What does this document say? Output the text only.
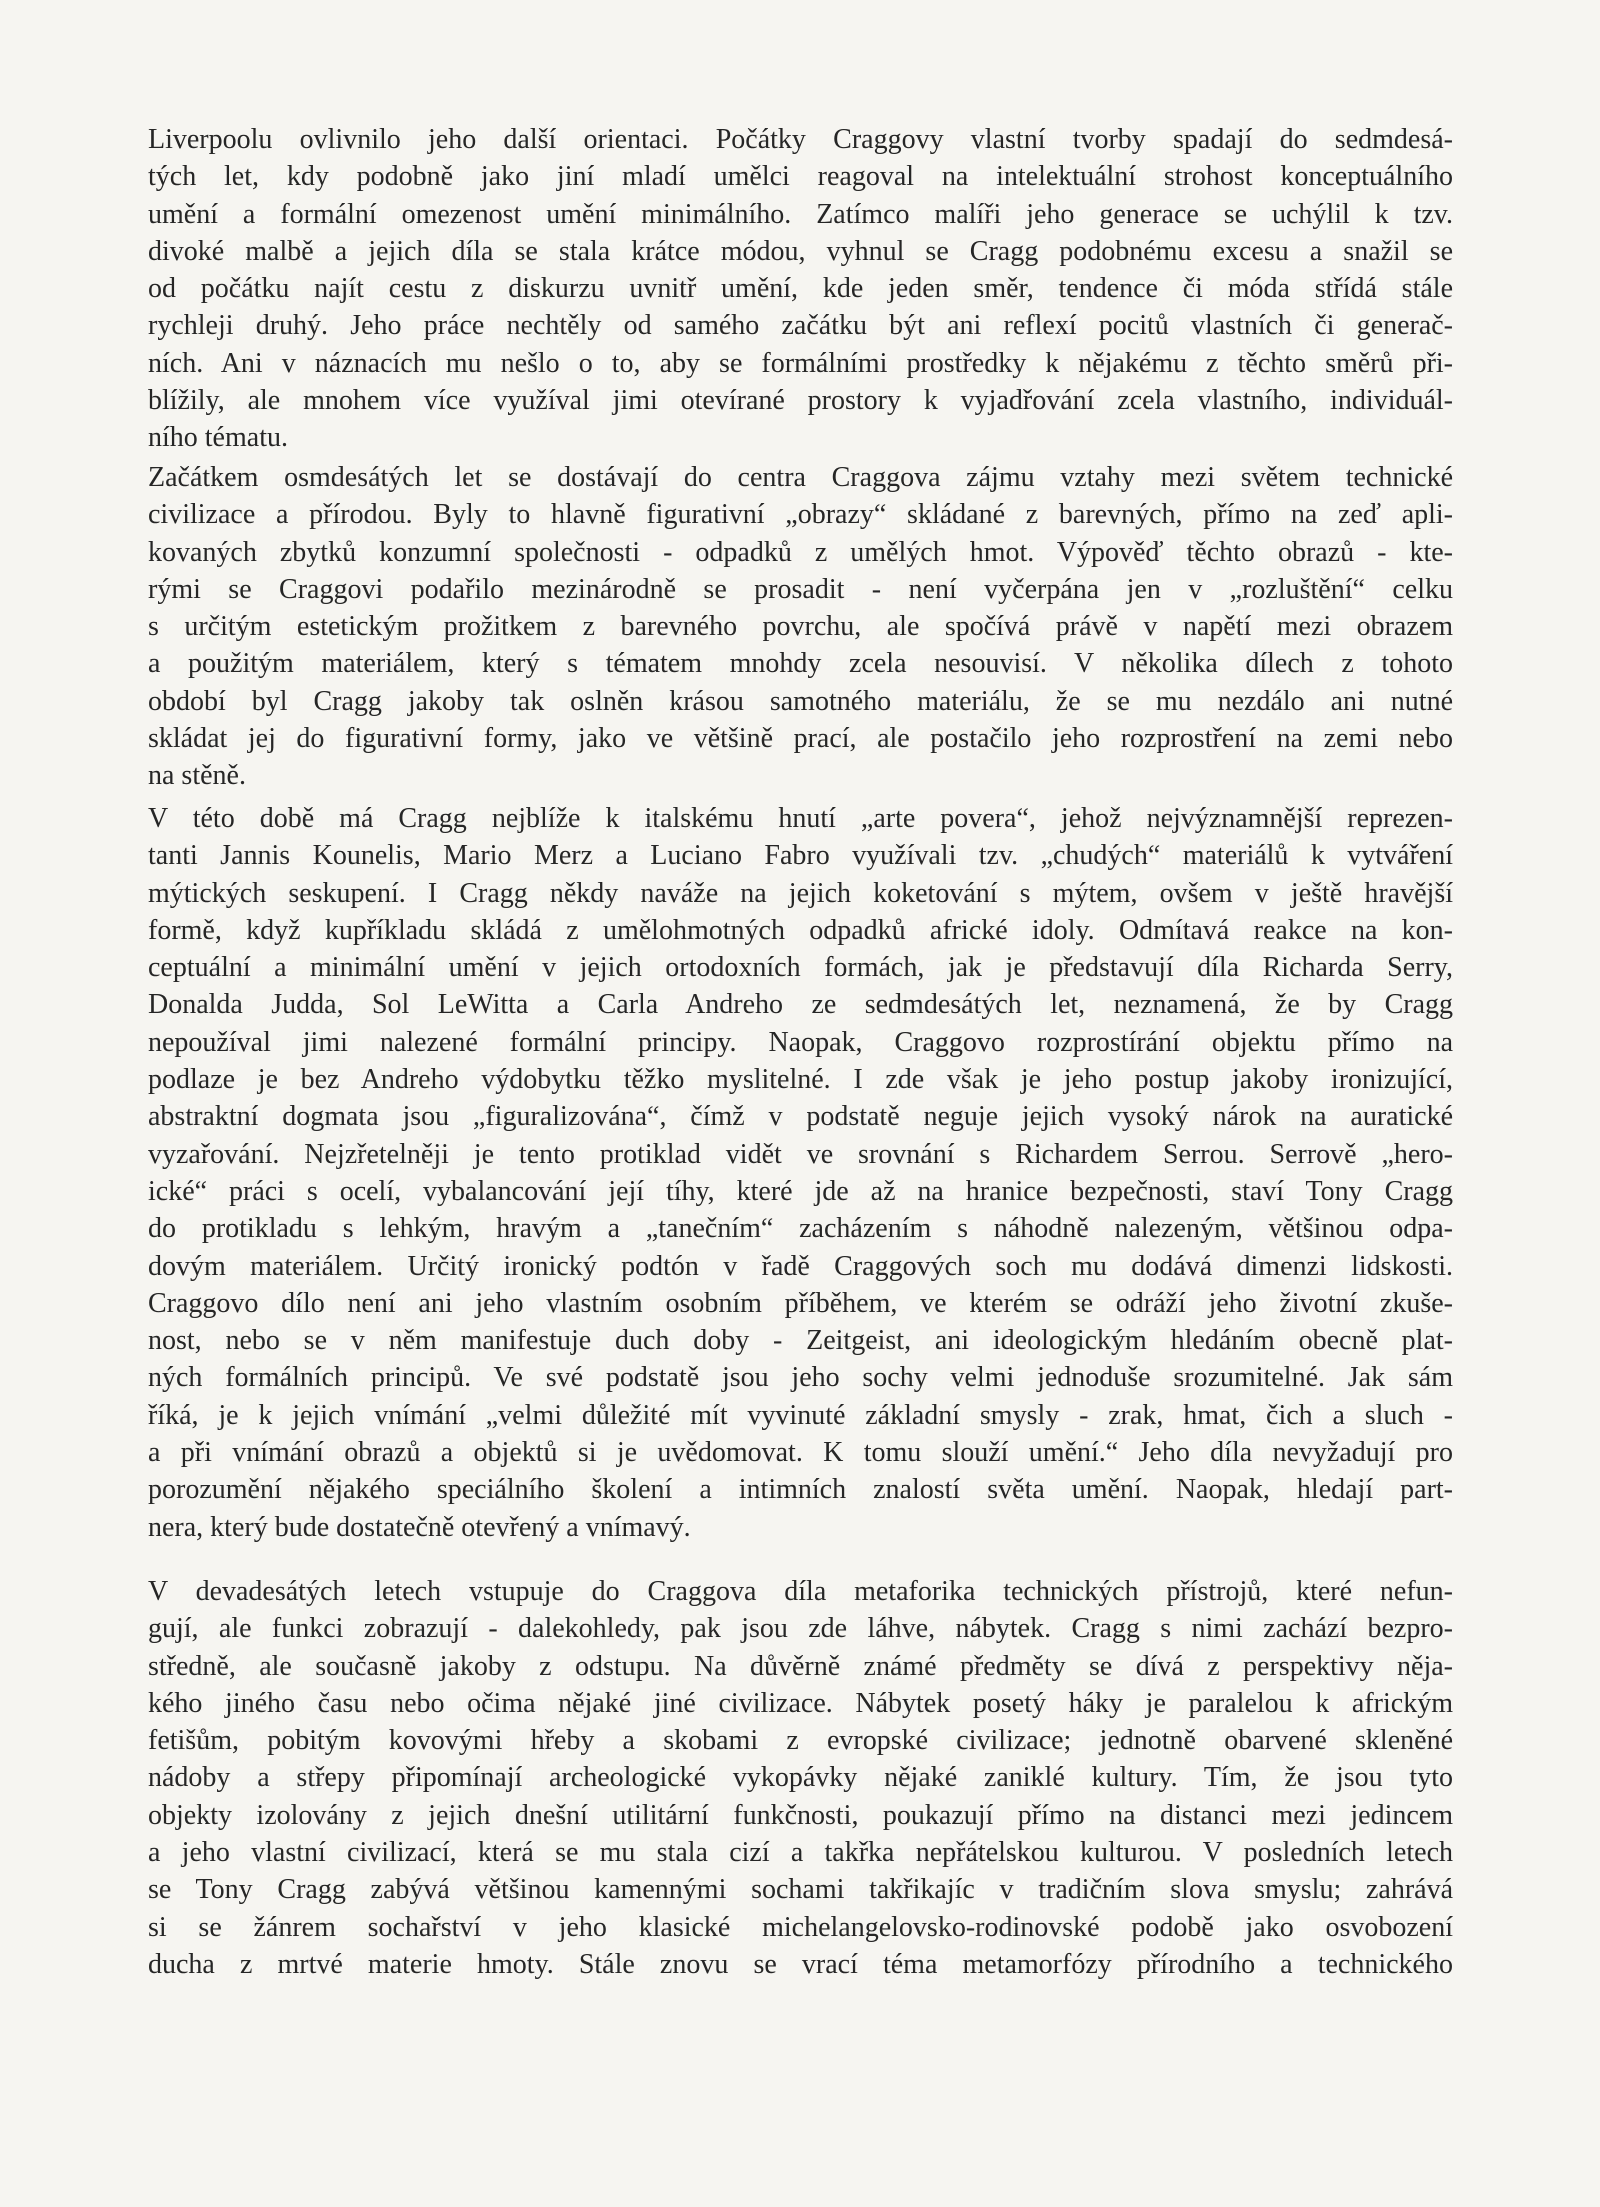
Liverpoolu ovlivnilo jeho další orientaci. Počátky Craggovy vlastní tvorby spadají do sedmdesá-
tých let, kdy podobně jako jiní mladí umělci reagoval na intelektuální strohost konceptuálního
umění a formální omezenost umění minimálního. Zatímco malíři jeho generace se uchýlil k tzv.
divoké malbě a jejich díla se stala krátce módou, vyhnul se Cragg podobnému excesu a snažil se
od počátku najít cestu z diskurzu uvnitř umění, kde jeden směr, tendence či móda střídá stále
rychleji druhý. Jeho práce nechtěly od samého začátku být ani reflexí pocitů vlastních či generač-
ních. Ani v náznacích mu nešlo o to, aby se formálními prostředky k nějakému z těchto směrů při-
blížily, ale mnohem více využíval jimi otevírané prostory k vyjadřování zcela vlastního, individuál-
ního tématu.
Začátkem osmdesátých let se dostávají do centra Craggova zájmu vztahy mezi světem technické
civilizace a přírodou. Byly to hlavně figurativní „obrazy“ skládané z barevných, přímo na zeď apli-
kovaných zbytků konzumní společnosti - odpadků z umělých hmot. Výpověď těchto obrazů - kte-
rými se Craggovi podařilo mezinárodně se prosadit - není vyčerpána jen v „rozluštění“ celku
s určitým estetickým prožitkem z barevného povrchu, ale spočívá právě v napětí mezi obrazem
a použitým materiálem, který s tématem mnohdy zcela nesouvisí. V několika dílech z tohoto
období byl Cragg jakoby tak oslněn krásou samotného materiálu, že se mu nezdálo ani nutné
skládat jej do figurativní formy, jako ve většině prací, ale postačilo jeho rozprostření na zemi nebo
na stěně.
V této době má Cragg nejblíže k italskému hnutí „arte povera“, jehož nejvýznamnější reprezen-
tanti Jannis Kounelis, Mario Merz a Luciano Fabro využívali tzv. „chudých“ materiálů k vytváření
mýtických seskupení. I Cragg někdy naváže na jejich koketování s mýtem, ovšem v ještě hravější
formě, když kupříkladu skládá z umělohmotných odpadků africké idoly. Odmítavá reakce na kon-
ceptuální a minimální umění v jejich ortodoxních formách, jak je představují díla Richarda Serry,
Donalda Judda, Sol LeWitta a Carla Andreho ze sedmdesátých let, neznamená, že by Cragg
nepoužíval jimi nalezené formální principy. Naopak, Craggovo rozprostírání objektu přímo na
podlaze je bez Andreho výdobytku těžko myslitelné. I zde však je jeho postup jakoby ironizující,
abstraktní dogmata jsou „figuralizována“, čímž v podstatě neguje jejich vysoký nárok na auratické
vyzařování. Nejzřetelněji je tento protiklad vidět ve srovnání s Richardem Serrou. Serrově „hero-
ické“ práci s ocelí, vybalancování její tíhy, které jde až na hranice bezpečnosti, staví Tony Cragg
do protikladu s lehkým, hravým a „tanečním“ zacházením s náhodně nalezeným, většinou odpa-
dovým materiálem. Určitý ironický podtón v řadě Craggových soch mu dodává dimenzi lidskosti.
Craggovo dílo není ani jeho vlastním osobním příběhem, ve kterém se odráží jeho životní zkuše-
nost, nebo se v něm manifestuje duch doby - Zeitgeist, ani ideologickým hledáním obecně plat-
ných formálních principů. Ve své podstatě jsou jeho sochy velmi jednoduše srozumitelné. Jak sám
říká, je k jejich vnímání „velmi důležité mít vyvinuté základní smysly - zrak, hmat, čich a sluch -
a při vnímání obrazů a objektů si je uvědomovat. K tomu slouží umění.“ Jeho díla nevyžadují pro
porozumění nějakého speciálního školení a intimních znalostí světa umění. Naopak, hledají part-
nera, který bude dostatečně otevřený a vnímavý.
V devadesátých letech vstupuje do Craggova díla metaforika technických přístrojů, které nefun-
gují, ale funkci zobrazují - dalekohledy, pak jsou zde láhve, nábytek. Cragg s nimi zachází bezpro-
středně, ale současně jakoby z odstupu. Na důvěrně známé předměty se dívá z perspektivy něja-
kého jiného času nebo očima nějaké jiné civilizace. Nábytek posetý háky je paralelou k africkým
fetišům, pobitým kovovými hřeby a skobami z evropské civilizace; jednotně obarvené skleněné
nádoby a střepy připomínají archeologické vykopávky nějaké zaniklé kultury. Tím, že jsou tyto
objekty izolovány z jejich dnešní utilitární funkčnosti, poukazují přímo na distanci mezi jedincem
a jeho vlastní civilizací, která se mu stala cizí a takřka nepřátelskou kulturou. V posledních letech
se Tony Cragg zabývá většinou kamennými sochami takřikajíc v tradičním slova smyslu; zahrává
si se žánrem sochařství v jeho klasické michelangelovsko-rodinovské podobě jako osvobození
ducha z mrtvé materie hmoty. Stále znovu se vrací téma metamorfózy přírodního a technického
